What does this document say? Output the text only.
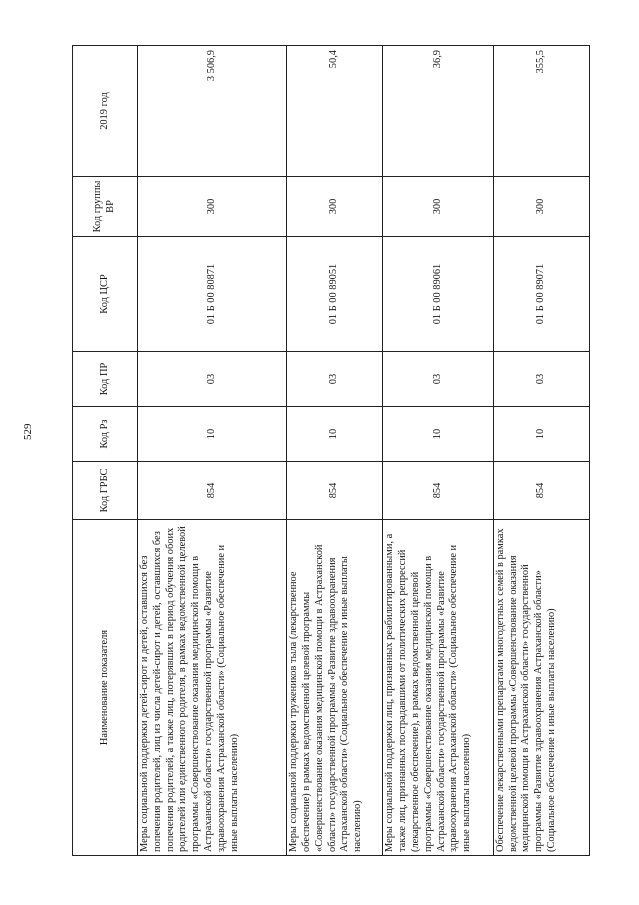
529
Наименование показателя	Код ГРБС	Код Рз	Код ПР	Код ЦСР	Код группы ВР	2019 год
Меры социальной поддержки детей-сирот и детей, оставшихся без попечения родителей, лиц из числа детей-сирот и детей, оставшихся без попечения родителей, а также лиц, потерявших в период обучения обоих родителей или единственного родителя, в рамках ведомственной целевой программы «Совершенствование оказания медицинской помощи в Астраханской области» государственной программы «Развитие здравоохранения Астраханской области» (Социальное обеспечение и иные выплаты населению)	854	10	03	01 Б 00 80871	300	3 506,9
Меры социальной поддержки тружеников тыла (лекарственное обеспечение) в рамках ведомственной целевой программы «Совершенствование оказания медицинской помощи в Астраханской области» государственной программы «Развитие здравоохранения Астраханской области» (Социальное обеспечение и иные выплаты населению)	854	10	03	01 Б 00 89051	300	50,4
Меры социальной поддержки лиц, признанных реабилитированными, а также лиц, признанных пострадавшими от политических репрессий (лекарственное обеспечение), в рамках ведомственной целевой программы «Совершенствование оказания медицинской помощи в Астраханской области» государственной программы «Развитие здравоохранения Астраханской области» (Социальное обеспечение и иные выплаты населению)	854	10	03	01 Б 00 89061	300	36,9
Обеспечение лекарственными препаратами многодетных семей в рамках ведомственной целевой программы «Совершенствование оказания медицинской помощи в Астраханской области» государственной программы «Развитие здравоохранения Астраханской области» (Социальное обеспечение и иные выплаты населению)	854	10	03	01 Б 00 89071	300	355,5
